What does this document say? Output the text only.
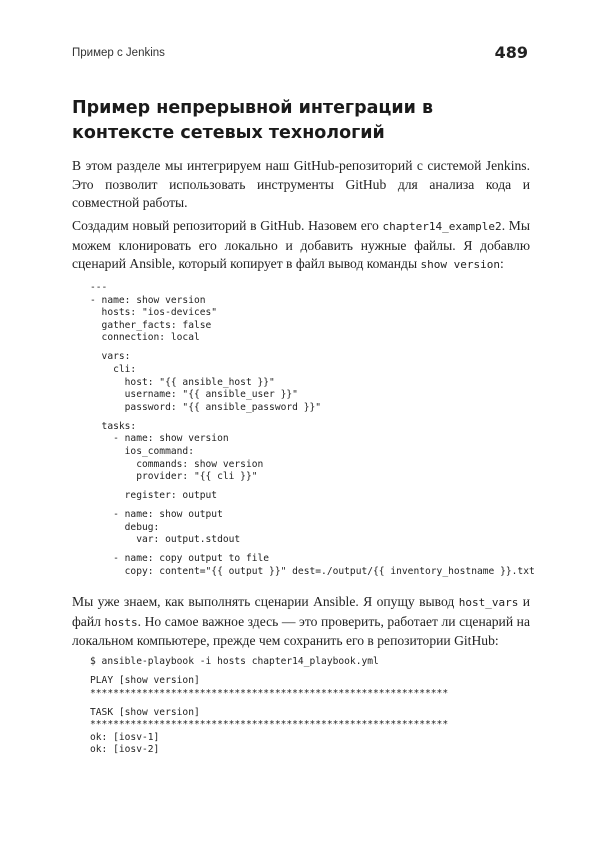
Пример с Jenkins	489
Пример непрерывной интеграции в контексте сетевых технологий

В этом разделе мы интегрируем наш GitHub-репозиторий с системой Jenkins. Это позволит использовать инструменты GitHub для анализа кода и совместной работы.

Создадим новый репозиторий в GitHub. Назовем его chapter14_example2. Мы можем клонировать его локально и добавить нужные файлы. Я добавлю сценарий Ansible, который копирует в файл вывод команды show version:

---
- name: show version
hosts: "ios-devices"
gather_facts: false
connection: local
vars:
cli:
host: "{{ ansible_host }}"
username: "{{ ansible_user }}"
password: "{{ ansible_password }}"
tasks:
- name: show version
ios_command:
commands: show version
provider: "{{ cli }}"
register: output
- name: show output
debug:
var: output.stdout
- name: copy output to file
copy: content="{{ output }}" dest=./output/{{ inventory_hostname }}.txt

Мы уже знаем, как выполнять сценарии Ansible. Я опущу вывод host_vars и файл hosts. Но самое важное здесь — это проверить, работает ли сценарий на локальном компьютере, прежде чем сохранить его в репозитории GitHub:

$ ansible-playbook -i hosts chapter14_playbook.yml
PLAY [show version]
**************************************************************
TASK [show version]
**************************************************************
ok: [iosv-1]
ok: [iosv-2]
